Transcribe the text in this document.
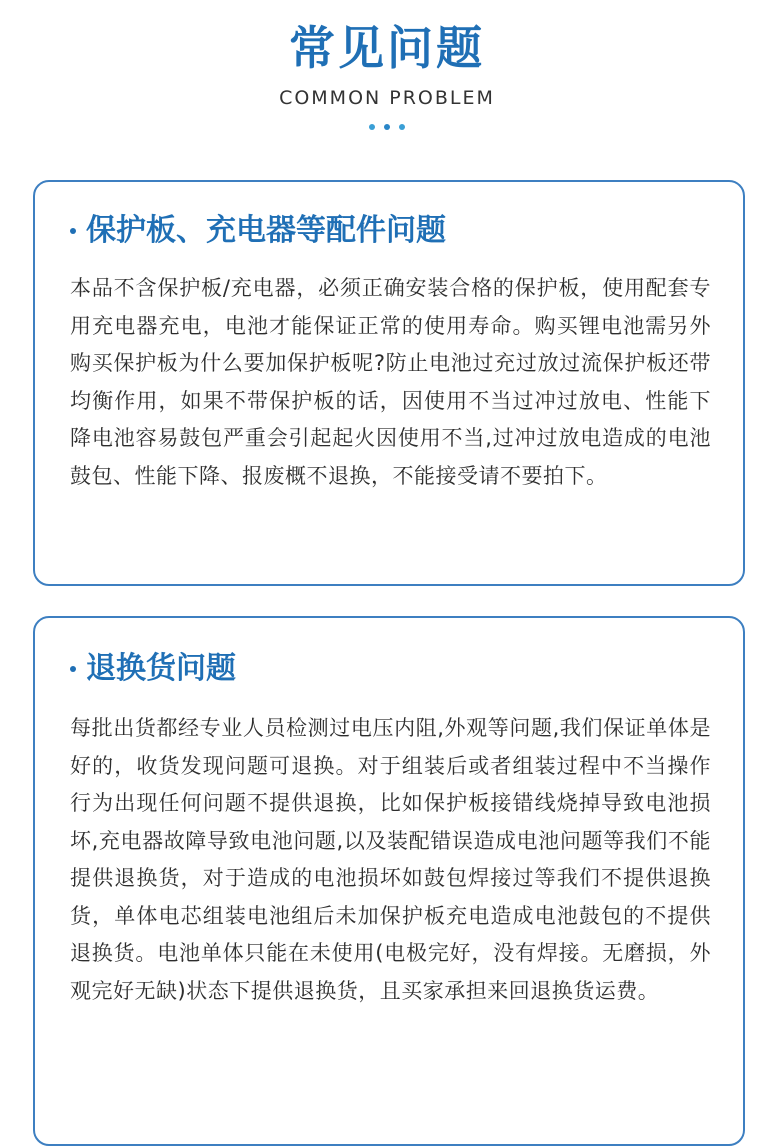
常见问题
COMMON PROBLEM
保护板、充电器等配件问题
本品不含保护板/充电器，必须正确安装合格的保护板，使用配套专用充电器充电，电池才能保证正常的使用寿命。购买锂电池需另外购买保护板为什么要加保护板呢?防止电池过充过放过流保护板还带均衡作用，如果不带保护板的话，因使用不当过冲过放电、性能下降电池容易鼓包严重会引起起火因使用不当,过冲过放电造成的电池鼓包、性能下降、报废概不退换，不能接受请不要拍下。
退换货问题
每批出货都经专业人员检测过电压内阻,外观等问题,我们保证单体是好的，收货发现问题可退换。对于组装后或者组装过程中不当操作行为出现任何问题不提供退换，比如保护板接错线烧掉导致电池损坏,充电器故障导致电池问题,以及装配错误造成电池问题等我们不能提供退换货，对于造成的电池损坏如鼓包焊接过等我们不提供退换货，单体电芯组装电池组后未加保护板充电造成电池鼓包的不提供退换货。电池单体只能在未使用(电极完好，没有焊接。无磨损，外观完好无缺)状态下提供退换货，且买家承担来回退换货运费。
